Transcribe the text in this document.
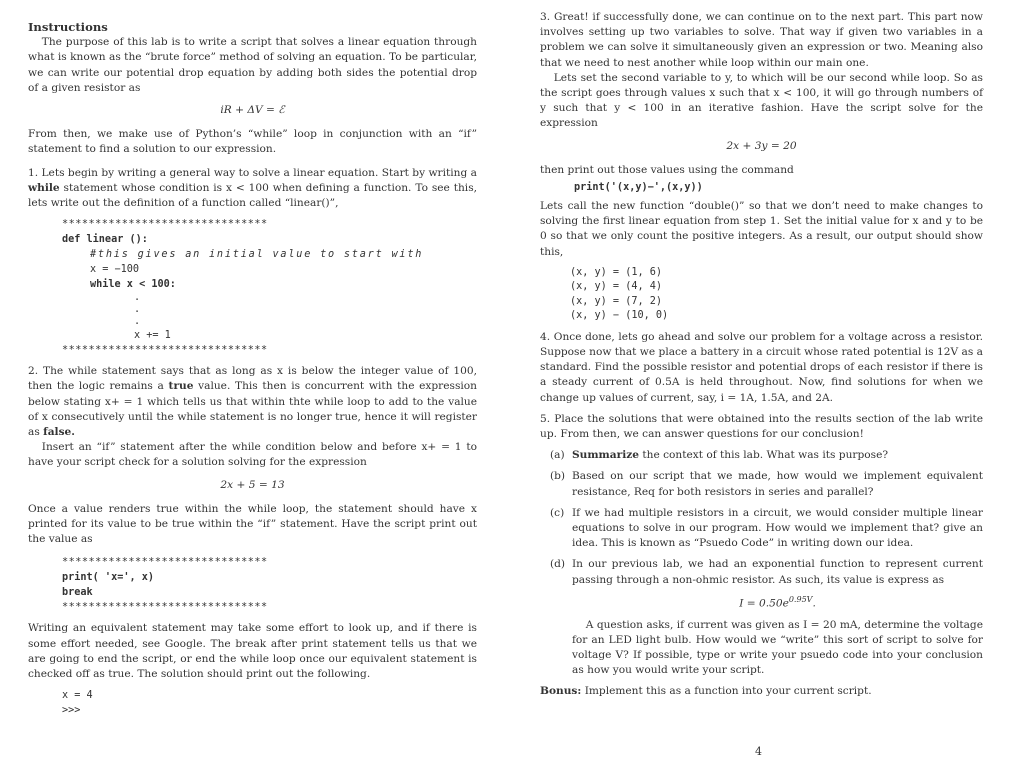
Instructions

The purpose of this lab is to write a script that solves a linear equation through what is known as the “brute force” method of solving an equation. To be particular, we can write our potential drop equation by adding both sides the potential drop of a given resistor as

iR + ΔV = ℰ

From then, we make use of Python’s “while” loop in conjunction with an “if” statement to find a solution to our expression.

1. Lets begin by writing a general way to solve a linear equation. Start by writing a while statement whose condition is x < 100 when defining a function. To see this, lets write out the definition of a function called “linear()”,

*******************************
def linear ():
#this gives an initial value to start with
x = −100
while x < 100:
.
.
.
x += 1
*******************************

2. The while statement says that as long as x is below the integer value of 100, then the logic remains a true value. This then is concurrent with the expression below stating x+ = 1 which tells us that within thte while loop to add to the value of x consecutively until the while statement is no longer true, hence it will register as false.

Insert an “if” statement after the while condition below and before x+ = 1 to have your script check for a solution solving for the expression

2x + 5 = 13

Once a value renders true within the while loop, the statement should have x printed for its value to be true within the “if” statement. Have the script print out the value as

*******************************
print( 'x=', x)
break
*******************************

Writing an equivalent statement may take some effort to look up, and if there is some effort needed, see Google. The break after print statement tells us that we are going to end the script, or end the while loop once our equivalent statement is checked off as true. The solution should print out the following.

x = 4
>>>

3. Great! if successfully done, we can continue on to the next part. This part now involves setting up two variables to solve. That way if given two variables in a problem we can solve it simultaneously given an expression or two. Meaning also that we need to nest another while loop within our main one.

Lets set the second variable to y, to which will be our second while loop. So as the script goes through values x such that x < 100, it will go through numbers of y such that y < 100 in an iterative fashion. Have the script solve for the expression

2x + 3y = 20

then print out those values using the command

print('(x,y)−',(x,y))

Lets call the new function “double()” so that we don’t need to make changes to solving the first linear equation from step 1. Set the initial value for x and y to be 0 so that we only count the positive integers. As a result, our output should show this,

(x, y) = (1, 6)
(x, y) = (4, 4)
(x, y) = (7, 2)
(x, y) − (10, 0)

4. Once done, lets go ahead and solve our problem for a voltage across a resistor. Suppose now that we place a battery in a circuit whose rated potential is 12V as a standard. Find the possible resistor and potential drops of each resistor if there is a steady current of 0.5A is held throughout. Now, find solutions for when we change up values of current, say, i = 1A, 1.5A, and 2A.

5. Place the solutions that were obtained into the results section of the lab write up. From then, we can answer questions for our conclusion!

(a) Summarize the context of this lab. What was its purpose?
(b) Based on our script that we made, how would we implement equivalent resistance, Req for both resistors in series and parallel?
(c) If we had multiple resistors in a circuit, we would consider multiple linear equations to solve in our program. How would we implement that? give an idea. This is known as “Psuedo Code” in writing down our idea.
(d) In our previous lab, we had an exponential function to represent current passing through a non-ohmic resistor. As such, its value is express as
$I = 0.50e^{0.95V}$.
A question asks, if current was given as I = 20 mA, determine the voltage for an LED light bulb. How would we “write” this sort of script to solve for voltage V? If possible, type or write your psuedo code into your conclusion as how you would write your script.

Bonus: Implement this as a function into your current script.

4
